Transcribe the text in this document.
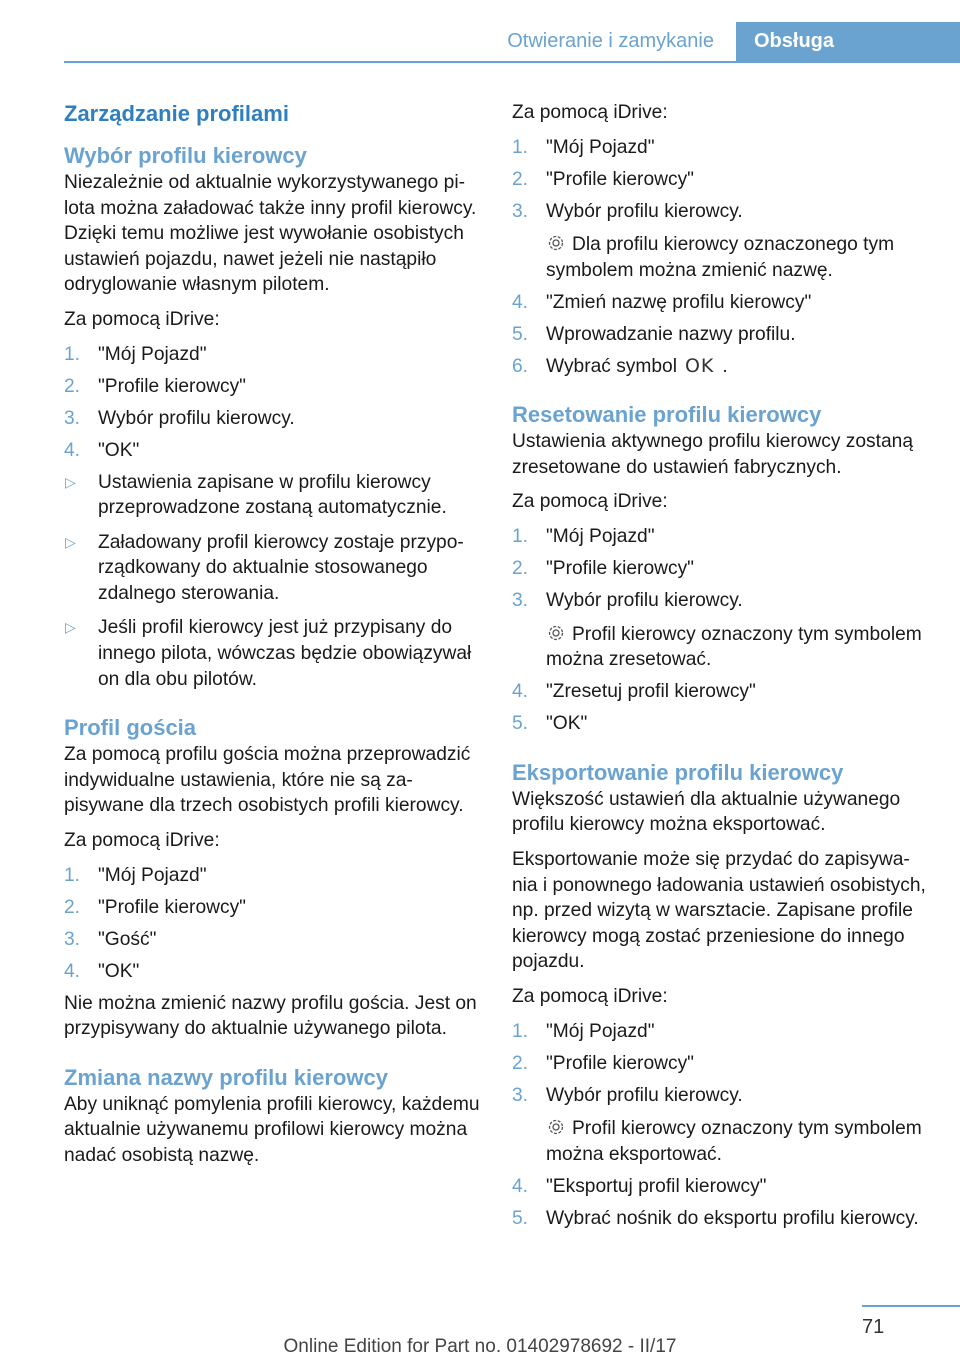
Otwieranie i zamykanie	Obsługa
Zarządzanie profilami
Wybór profilu kierowcy

Niezależnie od aktualnie wykorzystywanego pilota można załadować także inny profil kierowcy. Dzięki temu możliwe jest wywołanie osobistych ustawień pojazdu, nawet jeżeli nie nastąpiło odryglowanie własnym pilotem.

Za pomocą iDrive:

1. "Mój Pojazd"
2. "Profile kierowcy"
3. Wybór profilu kierowcy.
4. "OK"
▷ Ustawienia zapisane w profilu kierowcy przeprowadzone zostaną automatycznie.
▷ Załadowany profil kierowcy zostaje przyporządkowany do aktualnie stosowanego zdalnego sterowania.
▷ Jeśli profil kierowcy jest już przypisany do innego pilota, wówczas będzie obowiązywał on dla obu pilotów.
Profil gościa

Za pomocą profilu gościa można przeprowadzić indywidualne ustawienia, które nie są zapisywane dla trzech osobistych profili kierowcy.

Za pomocą iDrive:

1. "Mój Pojazd"
2. "Profile kierowcy"
3. "Gość"
4. "OK"

Nie można zmienić nazwy profilu gościa. Jest on przypisywany do aktualnie używanego pilota.

Zmiana nazwy profilu kierowcy

Aby uniknąć pomylenia profili kierowcy, każdemu aktualnie używanemu profilowi kierowcy można nadać osobistą nazwę.

Za pomocą iDrive:

1. "Mój Pojazd"
2. "Profile kierowcy"
3. Wybór profilu kierowcy.
Dla profilu kierowcy oznaczonego tym symbolem można zmienić nazwę.
4. "Zmień nazwę profilu kierowcy"
5. Wprowadzanie nazwy profilu.
6. Wybrać symbol OK .
Resetowanie profilu kierowcy

Ustawienia aktywnego profilu kierowcy zostaną zresetowane do ustawień fabrycznych.

Za pomocą iDrive:

1. "Mój Pojazd"
2. "Profile kierowcy"
3. Wybór profilu kierowcy.
Profil kierowcy oznaczony tym symbolem można zresetować.
4. "Zresetuj profil kierowcy"
5. "OK"
Eksportowanie profilu kierowcy

Większość ustawień dla aktualnie używanego profilu kierowcy można eksportować.

Eksportowanie może się przydać do zapisywania i ponownego ładowania ustawień osobistych, np. przed wizytą w warsztacie. Zapisane profile kierowcy mogą zostać przeniesione do innego pojazdu.

Za pomocą iDrive:

1. "Mój Pojazd"
2. "Profile kierowcy"
3. Wybór profilu kierowcy.
Profil kierowcy oznaczony tym symbolem można eksportować.
4. "Eksportuj profil kierowcy"
5. Wybrać nośnik do eksportu profilu kierowcy.
71
Online Edition for Part no. 01402978692 - II/17
